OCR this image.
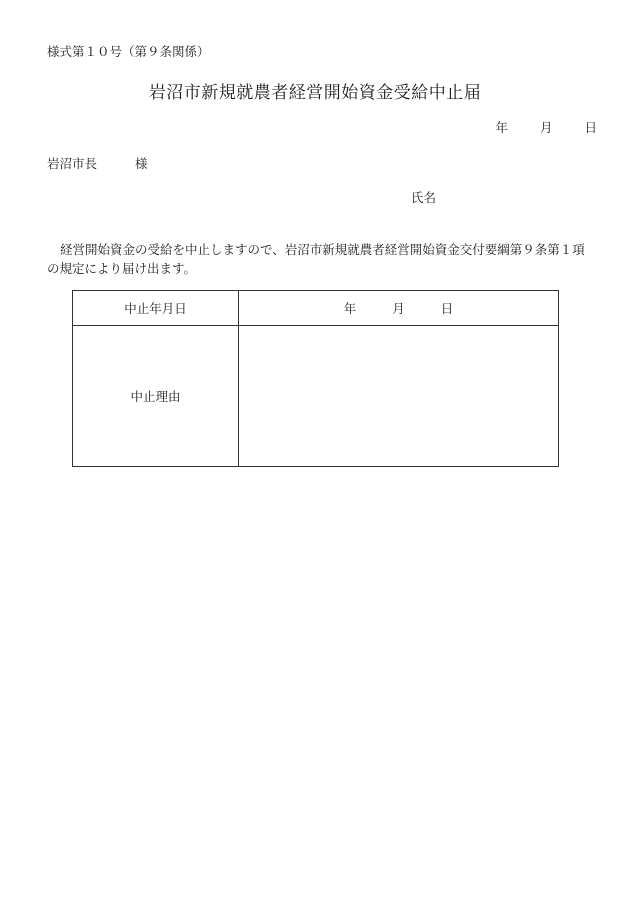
様式第１０号（第９条関係）
岩沼市新規就農者経営開始資金受給中止届
年	月	日
岩沼市長	様
氏名
経営開始資金の受給を中止しますので、岩沼市新規就農者経営開始資金交付要綱第９条第１項の規定により届け出ます。
中止年月日	年 月 日
中止理由	
